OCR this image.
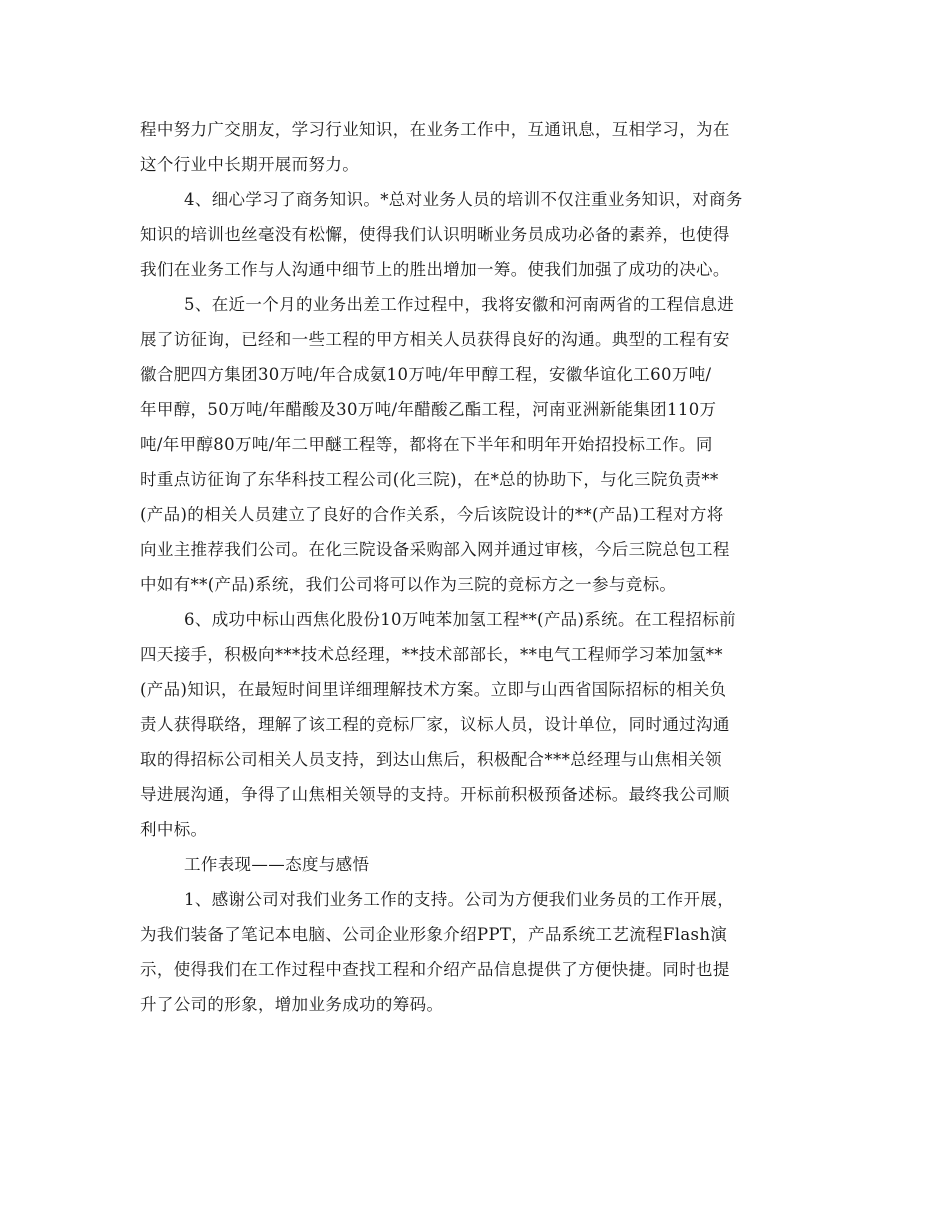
程中努力广交朋友，学习行业知识，在业务工作中，互通讯息，互相学习，为在
这个行业中长期开展而努力。
4、细心学习了商务知识。*总对业务人员的培训不仅注重业务知识，对商务
知识的培训也丝毫没有松懈，使得我们认识明晰业务员成功必备的素养，也使得
我们在业务工作与人沟通中细节上的胜出增加一筹。使我们加强了成功的决心。
5、在近一个月的业务出差工作过程中，我将安徽和河南两省的工程信息进
展了访征询，已经和一些工程的甲方相关人员获得良好的沟通。典型的工程有安
徽合肥四方集团30万吨/年合成氨10万吨/年甲醇工程，安徽华谊化工60万吨/
年甲醇，50万吨/年醋酸及30万吨/年醋酸乙酯工程，河南亚洲新能集团110万
吨/年甲醇80万吨/年二甲醚工程等，都将在下半年和明年开始招投标工作。同
时重点访征询了东华科技工程公司(化三院)，在*总的协助下，与化三院负责**
(产品)的相关人员建立了良好的合作关系，今后该院设计的**(产品)工程对方将
向业主推荐我们公司。在化三院设备采购部入网并通过审核，今后三院总包工程
中如有**(产品)系统，我们公司将可以作为三院的竞标方之一参与竞标。
6、成功中标山西焦化股份10万吨苯加氢工程**(产品)系统。在工程招标前
四天接手，积极向***技术总经理，**技术部部长，**电气工程师学习苯加氢**
(产品)知识，在最短时间里详细理解技术方案。立即与山西省国际招标的相关负
责人获得联络，理解了该工程的竞标厂家，议标人员，设计单位，同时通过沟通
取的得招标公司相关人员支持，到达山焦后，积极配合***总经理与山焦相关领
导进展沟通，争得了山焦相关领导的支持。开标前积极预备述标。最终我公司顺
利中标。
工作表现——态度与感悟
1、感谢公司对我们业务工作的支持。公司为方便我们业务员的工作开展，
为我们装备了笔记本电脑、公司企业形象介绍PPT，产品系统工艺流程Flash演
示，使得我们在工作过程中查找工程和介绍产品信息提供了方便快捷。同时也提
升了公司的形象，增加业务成功的筹码。
